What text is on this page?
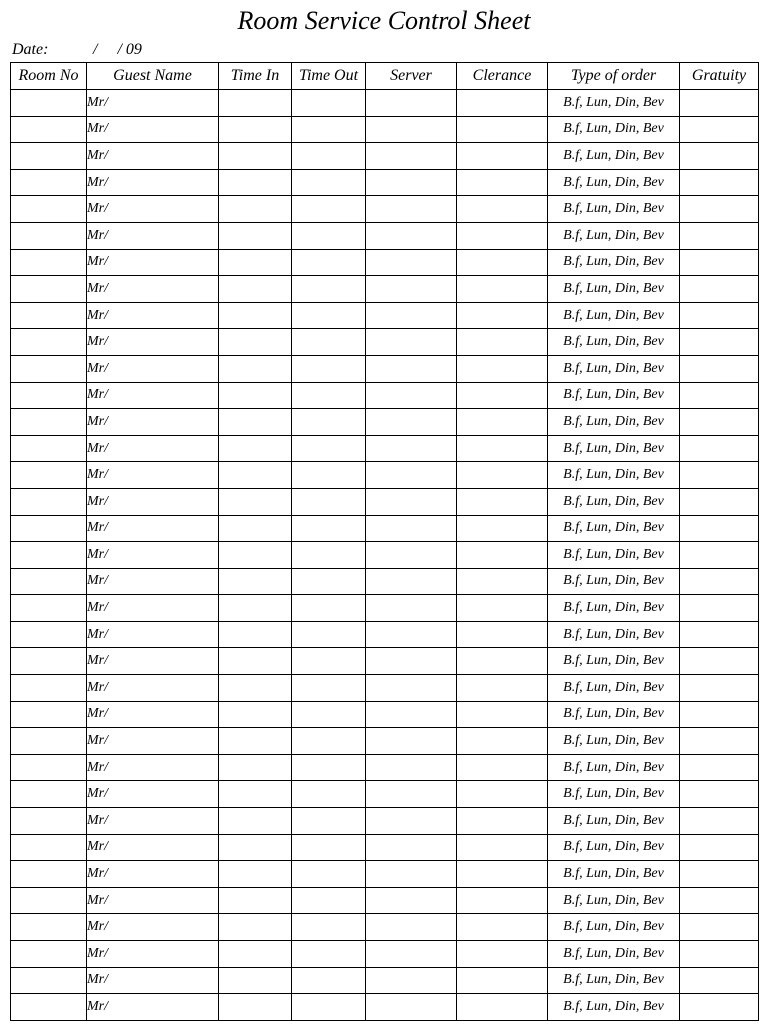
Room Service Control Sheet
Date:	/     / 09
Room No	Guest Name	Time In	Time Out	Server	Clerance	Type of order	Gratuity
	Mr/					B.f, Lun, Din, Bev	
	Mr/					B.f, Lun, Din, Bev	
	Mr/					B.f, Lun, Din, Bev	
	Mr/					B.f, Lun, Din, Bev	
	Mr/					B.f, Lun, Din, Bev	
	Mr/					B.f, Lun, Din, Bev	
	Mr/					B.f, Lun, Din, Bev	
	Mr/					B.f, Lun, Din, Bev	
	Mr/					B.f, Lun, Din, Bev	
	Mr/					B.f, Lun, Din, Bev	
	Mr/					B.f, Lun, Din, Bev	
	Mr/					B.f, Lun, Din, Bev	
	Mr/					B.f, Lun, Din, Bev	
	Mr/					B.f, Lun, Din, Bev	
	Mr/					B.f, Lun, Din, Bev	
	Mr/					B.f, Lun, Din, Bev	
	Mr/					B.f, Lun, Din, Bev	
	Mr/					B.f, Lun, Din, Bev	
	Mr/					B.f, Lun, Din, Bev	
	Mr/					B.f, Lun, Din, Bev	
	Mr/					B.f, Lun, Din, Bev	
	Mr/					B.f, Lun, Din, Bev	
	Mr/					B.f, Lun, Din, Bev	
	Mr/					B.f, Lun, Din, Bev	
	Mr/					B.f, Lun, Din, Bev	
	Mr/					B.f, Lun, Din, Bev	
	Mr/					B.f, Lun, Din, Bev	
	Mr/					B.f, Lun, Din, Bev	
	Mr/					B.f, Lun, Din, Bev	
	Mr/					B.f, Lun, Din, Bev	
	Mr/					B.f, Lun, Din, Bev	
	Mr/					B.f, Lun, Din, Bev	
	Mr/					B.f, Lun, Din, Bev	
	Mr/					B.f, Lun, Din, Bev	
	Mr/					B.f, Lun, Din, Bev	
